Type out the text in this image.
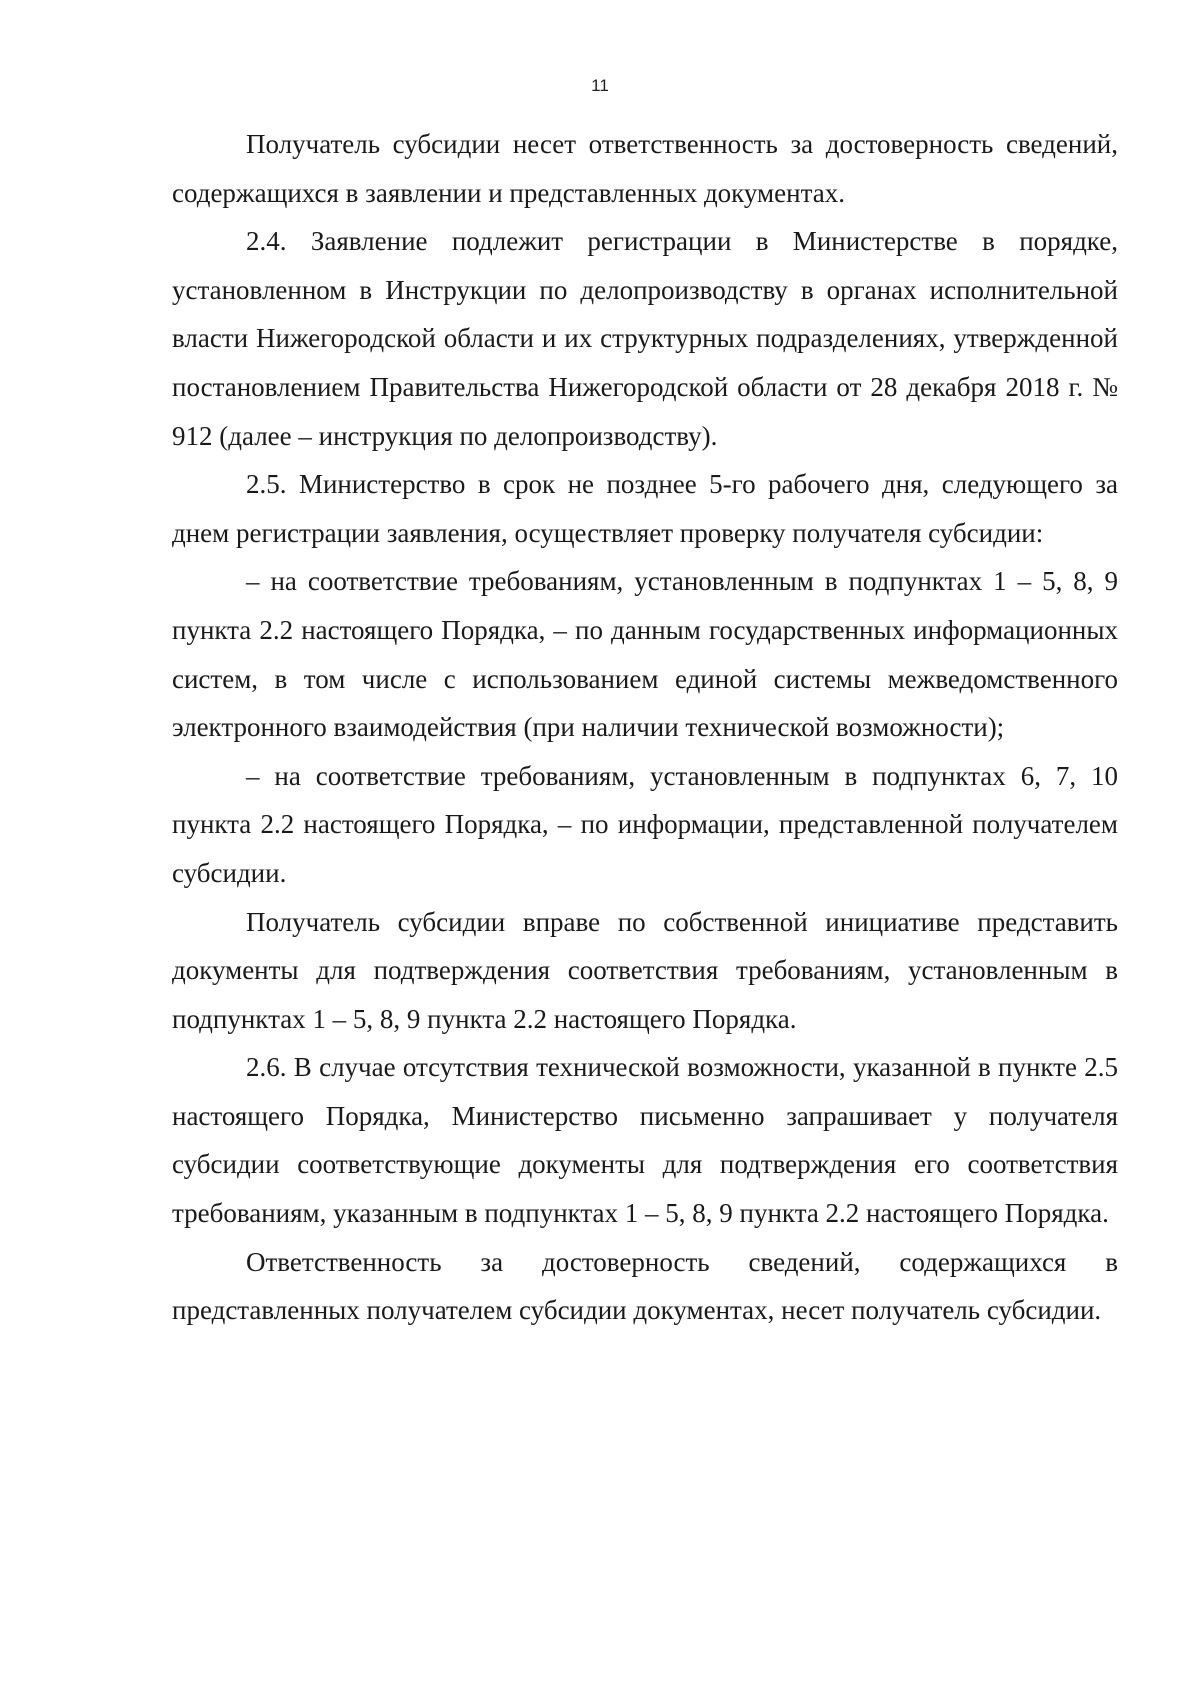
11

Получатель субсидии несет ответственность за достоверность сведений, содержащихся в заявлении и представленных документах.

2.4. Заявление подлежит регистрации в Министерстве в порядке, установленном в Инструкции по делопроизводству в органах исполнительной власти Нижегородской области и их структурных подразделениях, утвержденной постановлением Правительства Нижегородской области от 28 декабря 2018 г. № 912 (далее – инструкция по делопроизводству).

2.5. Министерство в срок не позднее 5-го рабочего дня, следующего за днем регистрации заявления, осуществляет проверку получателя субсидии:

– на соответствие требованиям, установленным в подпунктах 1 – 5, 8, 9 пункта 2.2 настоящего Порядка, – по данным государственных информационных систем, в том числе с использованием единой системы межведомственного электронного взаимодействия (при наличии технической возможности);

– на соответствие требованиям, установленным в подпунктах 6, 7, 10 пункта 2.2 настоящего Порядка, – по информации, представленной получателем субсидии.

Получатель субсидии вправе по собственной инициативе представить документы для подтверждения соответствия требованиям, установленным в подпунктах 1 – 5, 8, 9 пункта 2.2 настоящего Порядка.

2.6. В случае отсутствия технической возможности, указанной в пункте 2.5 настоящего Порядка, Министерство письменно запрашивает у получателя субсидии соответствующие документы для подтверждения его соответствия требованиям, указанным в подпунктах 1 – 5, 8, 9 пункта 2.2 настоящего Порядка.

Ответственность за достоверность сведений, содержащихся в представленных получателем субсидии документах, несет получатель субсидии.
